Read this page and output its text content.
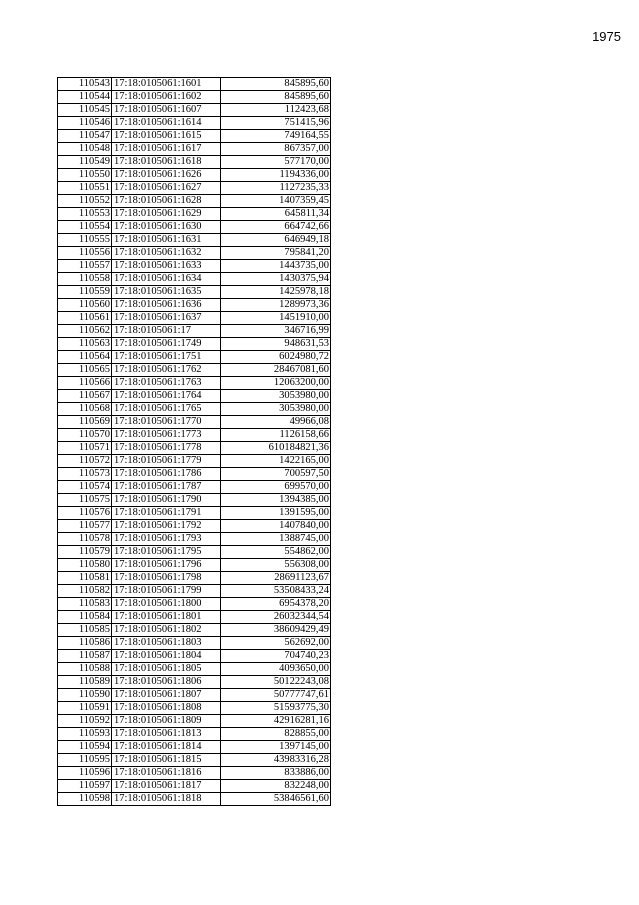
1975
110543	17:18:0105061:1601	845895,60
110544	17:18:0105061:1602	845895,60
110545	17:18:0105061:1607	112423,68
110546	17:18:0105061:1614	751415,96
110547	17:18:0105061:1615	749164,55
110548	17:18:0105061:1617	867357,00
110549	17:18:0105061:1618	577170,00
110550	17:18:0105061:1626	1194336,00
110551	17:18:0105061:1627	1127235,33
110552	17:18:0105061:1628	1407359,45
110553	17:18:0105061:1629	645811,34
110554	17:18:0105061:1630	664742,66
110555	17:18:0105061:1631	646949,18
110556	17:18:0105061:1632	795841,20
110557	17:18:0105061:1633	1443735,00
110558	17:18:0105061:1634	1430375,94
110559	17:18:0105061:1635	1425978,18
110560	17:18:0105061:1636	1289973,36
110561	17:18:0105061:1637	1451910,00
110562	17:18:0105061:17	346716,99
110563	17:18:0105061:1749	948631,53
110564	17:18:0105061:1751	6024980,72
110565	17:18:0105061:1762	28467081,60
110566	17:18:0105061:1763	12063200,00
110567	17:18:0105061:1764	3053980,00
110568	17:18:0105061:1765	3053980,00
110569	17:18:0105061:1770	49966,08
110570	17:18:0105061:1773	1126158,66
110571	17:18:0105061:1778	610184821,36
110572	17:18:0105061:1779	1422165,00
110573	17:18:0105061:1786	700597,50
110574	17:18:0105061:1787	699570,00
110575	17:18:0105061:1790	1394385,00
110576	17:18:0105061:1791	1391595,00
110577	17:18:0105061:1792	1407840,00
110578	17:18:0105061:1793	1388745,00
110579	17:18:0105061:1795	554862,00
110580	17:18:0105061:1796	556308,00
110581	17:18:0105061:1798	28691123,67
110582	17:18:0105061:1799	53508433,24
110583	17:18:0105061:1800	6954378,20
110584	17:18:0105061:1801	26032344,54
110585	17:18:0105061:1802	38609429,49
110586	17:18:0105061:1803	562692,00
110587	17:18:0105061:1804	704740,23
110588	17:18:0105061:1805	4093650,00
110589	17:18:0105061:1806	50122243,08
110590	17:18:0105061:1807	50777747,61
110591	17:18:0105061:1808	51593775,30
110592	17:18:0105061:1809	42916281,16
110593	17:18:0105061:1813	828855,00
110594	17:18:0105061:1814	1397145,00
110595	17:18:0105061:1815	43983316,28
110596	17:18:0105061:1816	833886,00
110597	17:18:0105061:1817	832248,00
110598	17:18:0105061:1818	53846561,60
